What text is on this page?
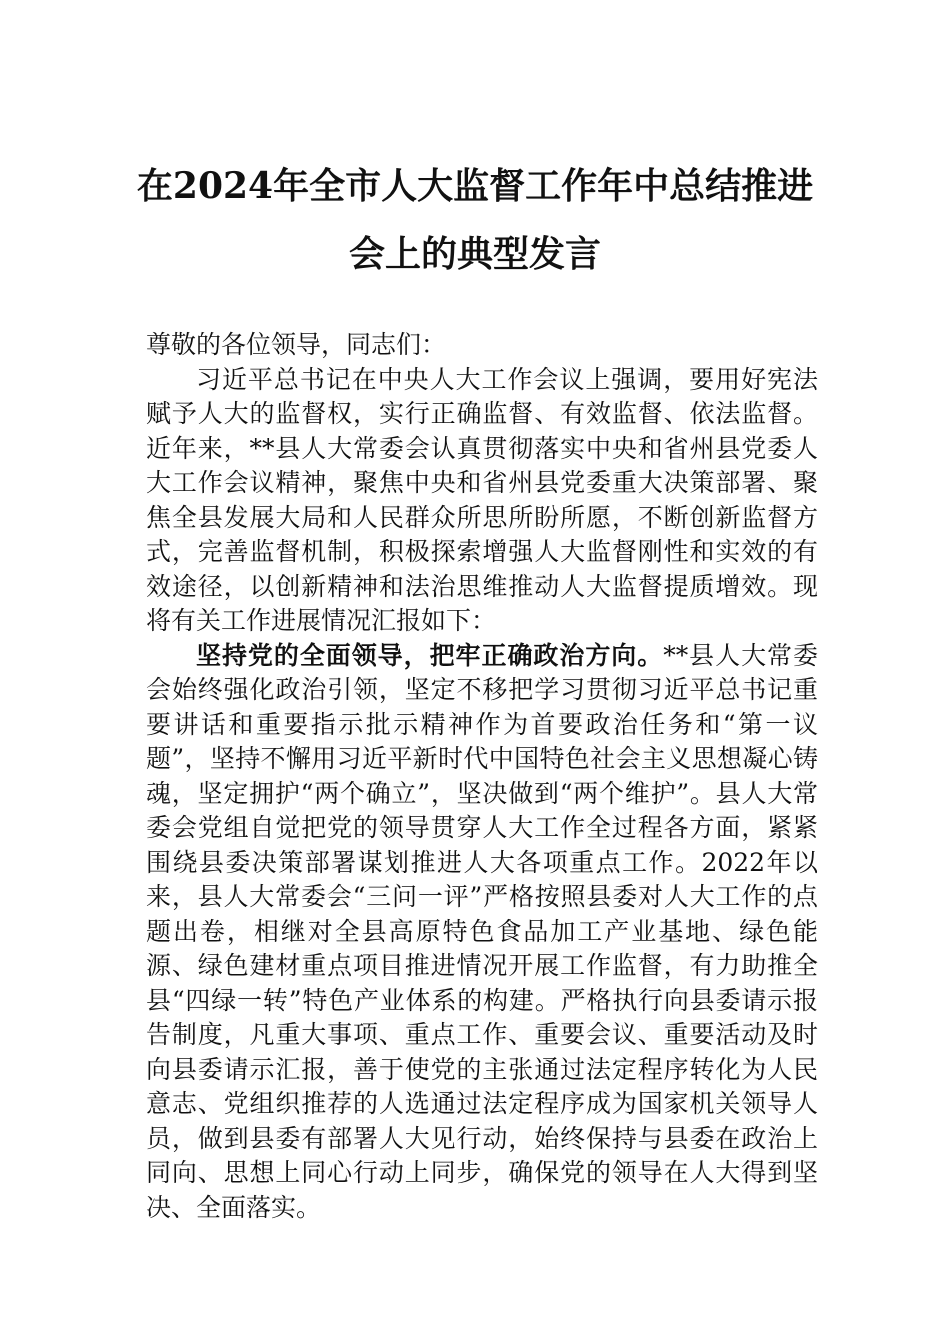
在2024年全市人大监督工作年中总结推进
会上的典型发言

尊敬的各位领导，同志们：

习近平总书记在中央人大工作会议上强调，要用好宪法赋予人大的监督权，实行正确监督、有效监督、依法监督。近年来，**县人大常委会认真贯彻落实中央和省州县党委人大工作会议精神，聚焦中央和省州县党委重大决策部署、聚焦全县发展大局和人民群众所思所盼所愿，不断创新监督方式，完善监督机制，积极探索增强人大监督刚性和实效的有效途径，以创新精神和法治思维推动人大监督提质增效。现将有关工作进展情况汇报如下：

坚持党的全面领导，把牢正确政治方向。**县人大常委会始终强化政治引领，坚定不移把学习贯彻习近平总书记重要讲话和重要指示批示精神作为首要政治任务和“第一议题”，坚持不懈用习近平新时代中国特色社会主义思想凝心铸魂，坚定拥护“两个确立”，坚决做到“两个维护”。县人大常委会党组自觉把党的领导贯穿人大工作全过程各方面，紧紧围绕县委决策部署谋划推进人大各项重点工作。2022年以来，县人大常委会“三问一评”严格按照县委对人大工作的点题出卷，相继对全县高原特色食品加工产业基地、绿色能源、绿色建材重点项目推进情况开展工作监督，有力助推全县“四绿一转”特色产业体系的构建。严格执行向县委请示报告制度，凡重大事项、重点工作、重要会议、重要活动及时向县委请示汇报，善于使党的主张通过法定程序转化为人民意志、党组织推荐的人选通过法定程序成为国家机关领导人员，做到县委有部署人大见行动，始终保持与县委在政治上同向、思想上同心行动上同步，确保党的领导在人大得到坚决、全面落实。
